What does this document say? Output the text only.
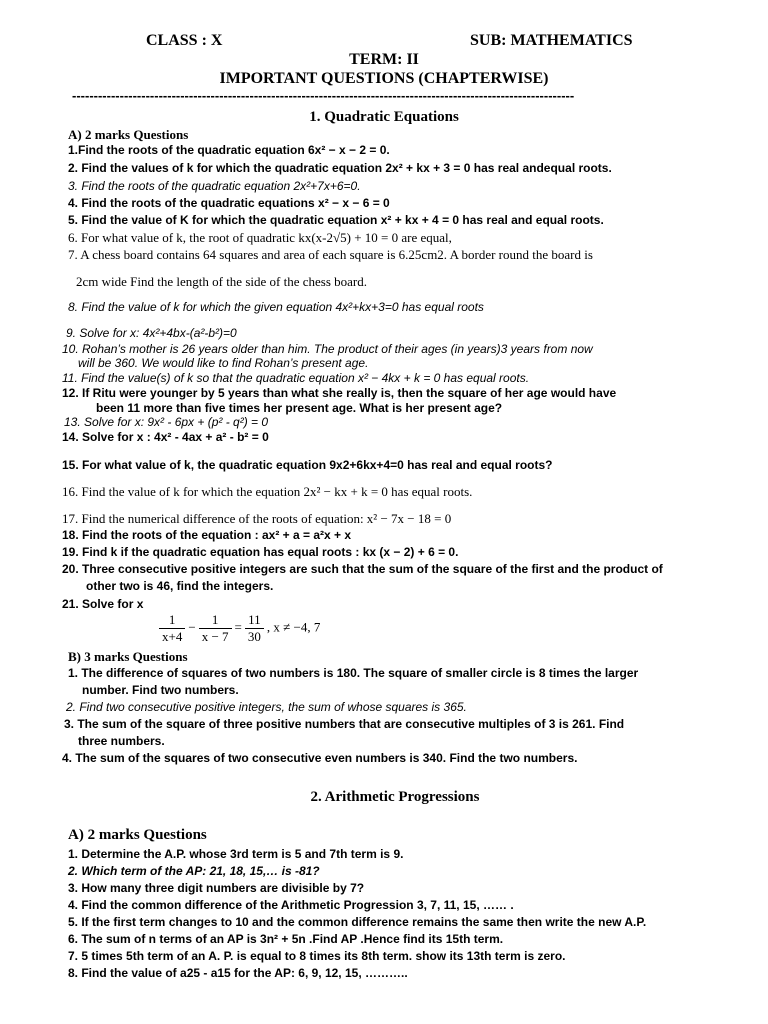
CLASS : X	SUB: MATHEMATICS
TERM: II
IMPORTANT QUESTIONS (CHAPTERWISE)
--------------------------------------------------------------------------------------------------------------------
1. Quadratic Equations
A) 2 marks Questions
1.Find the roots of the quadratic equation 6x² − x − 2 = 0.
2. Find the values of k for which the quadratic equation 2x² + kx + 3 = 0 has real andequal roots.
3. Find the roots of the quadratic equation 2x²+7x+6=0.
4. Find the roots of the quadratic equations x² − x − 6 = 0
5. Find the value of K for which the quadratic equation x² + kx + 4 = 0 has real and equal roots.
6. For what value of k, the root of quadratic kx(x-2√5) + 10 = 0 are equal,
7. A chess board contains 64 squares and area of each square is 6.25cm2. A border round the board is
2cm wide Find the length of the side of the chess board.
8. Find the value of k for which the given equation 4x²+kx+3=0 has equal roots
9. Solve for x: 4x²+4bx-(a²-b²)=0
10. Rohan’s mother is 26 years older than him. The product of their ages (in years)3 years from now
will be 360. We would like to find Rohan’s present age.
11. Find the value(s) of k so that the quadratic equation x² − 4kx + k = 0 has equal roots.
12. If Ritu were younger by 5 years than what she really is, then the square of her age would have
been 11 more than five times her present age. What is her present age?
13. Solve for x: 9x² - 6px + (p² - q²) = 0
14. Solve for x : 4x² - 4ax + a² - b² = 0
15. For what value of k, the quadratic equation 9x2+6kx+4=0 has real and equal roots?
16. Find the value of k for which the equation 2x² − kx + k = 0 has equal roots.
17. Find the numerical difference of the roots of equation: x² − 7x − 18 = 0
18. Find the roots of the equation : ax² + a = a²x + x
19. Find k if the quadratic equation has equal roots : kx (x − 2) + 6 = 0.
20. Three consecutive positive integers are such that the sum of the square of the first and the product of
other two is 46, find the integers.
21. Solve for x
$\frac{1}{x+4} - \frac{1}{x - 7} = \frac{11}{30}$ , x ≠ −4, 7
B) 3 marks Questions
1. The difference of squares of two numbers is 180. The square of smaller circle is 8 times the larger
number. Find two numbers.
2. Find two consecutive positive integers, the sum of whose squares is 365.
3. The sum of the square of three positive numbers that are consecutive multiples of 3 is 261. Find
three numbers.
4. The sum of the squares of two consecutive even numbers is 340. Find the two numbers.
2. Arithmetic Progressions
A) 2 marks Questions
1. Determine the A.P. whose 3rd term is 5 and 7th term is 9.
2. Which term of the AP: 21, 18, 15,… is -81?
3. How many three digit numbers are divisible by 7?
4. Find the common difference of the Arithmetic Progression 3, 7, 11, 15, …… .
5. If the first term changes to 10 and the common difference remains the same then write the new A.P.
6. The sum of n terms of an AP is 3n² + 5n .Find AP .Hence find its 15th term.
7. 5 times 5th term of an A. P. is equal to 8 times its 8th term. show its 13th term is zero.
8. Find the value of a25 - a15 for the AP: 6, 9, 12, 15, ………..
